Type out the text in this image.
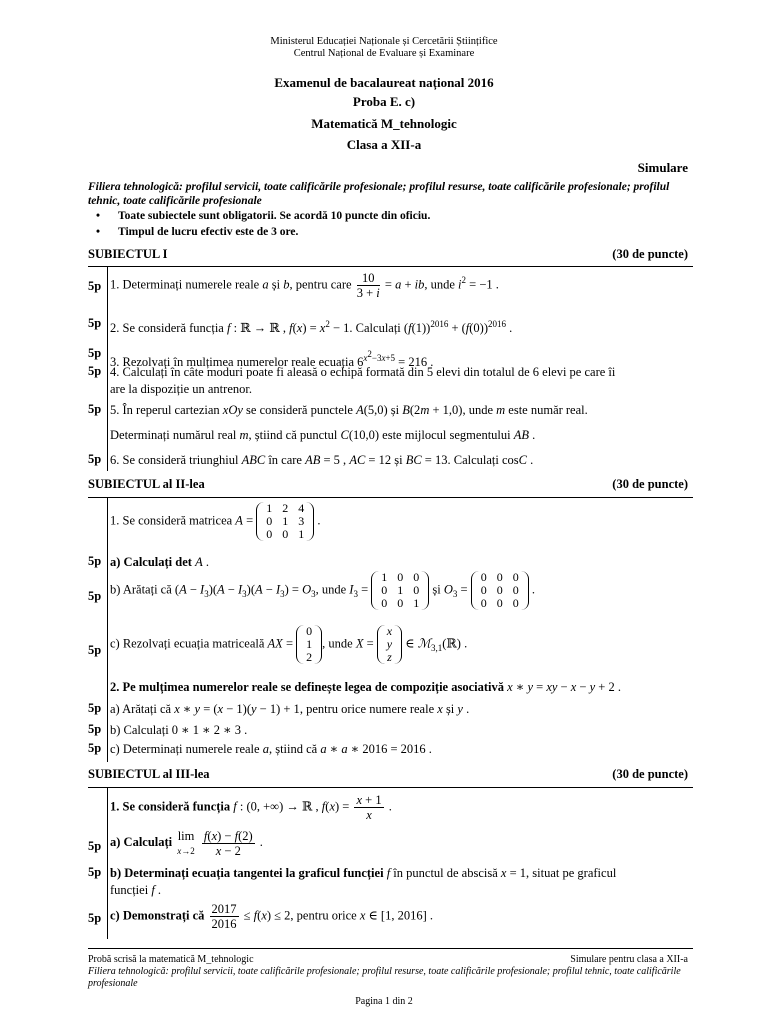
Ministerul Educației Naționale și Cercetării Științifice
Centrul Național de Evaluare și Examinare
Examenul de bacalaureat național 2016
Proba E. c)
Matematică M_tehnologic
Clasa a XII-a
Simulare
Filiera tehnologică: profilul servicii, toate calificările profesionale; profilul resurse, toate calificările profesionale; profilul tehnic, toate calificările profesionale
• Toate subiectele sunt obligatorii. Se acordă 10 puncte din oficiu.
• Timpul de lucru efectiv este de 3 ore.
SUBIECTUL I	(30 de puncte)
5p 1. Determinați numerele reale a și b, pentru care $\frac{10}{3 + i} = a$ + ib, unde $i^2 = -1$ .
5p 2. Se consideră funcția f : ℝ → ℝ , $f(x) = x^2 - 1$. Calculați $(f(1))^{2016} + (f(0))^{2016}$ .
5p
3. Rezolvați în mulțimea numerelor reale ecuația $6^{x^2-3x+5} = 216$ .
5p 4. Calculați în câte moduri poate fi aleasă o echipă formată din 5 elevi din totalul de 6 elevi pe care îi
are la dispoziție un antrenor.
5p 5. În reperul cartezian xOy se consideră punctele A(5,0) și B(2m + 1,0), unde m este număr real.
Determinați numărul real m, știind că punctul C(10,0) este mijlocul segmentului AB .
5p 6. Se consideră triunghiul ABC în care AB = 5 , AC = 12 și BC = 13. Calculați cosC .
SUBIECTUL al II-lea	(30 de puncte)
1. Se consideră matricea A =
1	2	4
0	1	3
0	0	1
.
5p a) Calculați det A .
5p b) Arătați că $(A - I_3)(A - I_3)(A - I_3) = O_3$, unde $I_3$ =
1	0	0
0	1	0
0	0	1
și $O_3$ =
0	0	0
0	0	0
0	0	0
.
5p c) Rezolvați ecuația matriceală AX =
0
1
2
, unde X =
x
y
z
∈ ℳ$_{3,1}$(ℝ) .
2. Pe mulțimea numerelor reale se definește legea de compoziție asociativă x ∗ y = xy − x − y + 2 .
5p a) Arătați că x ∗ y = (x − 1)(y − 1) + 1, pentru orice numere reale x și y .
5p b) Calculați 0 ∗ 1 ∗ 2 ∗ 3 .
5p c) Determinați numerele reale a, știind că a ∗ a ∗ 2016 = 2016 .
SUBIECTUL al III-lea	(30 de puncte)
1. Se consideră funcția f : (0, +∞) → ℝ , $f(x) = \frac{x + 1}{x}$ .
5p a) Calculați lim
x→2
$\frac{f(x) - f(2)}{x - 2}$ .
5p b) Determinați ecuația tangentei la graficul funcției f în punctul de abscisă x = 1, situat pe graficul
funcției f .
5p c) Demonstrați că $\frac{2017}{2016} \le f(x) \le 2$, pentru orice x ∈ [1, 2016] .
Probă scrisă la matematică M_tehnologic	Simulare pentru clasa a XII-a
Filiera tehnologică: profilul servicii, toate calificările profesionale; profilul resurse, toate calificările profesionale; profilul tehnic, toate calificările profesionale
Pagina 1 din 2
